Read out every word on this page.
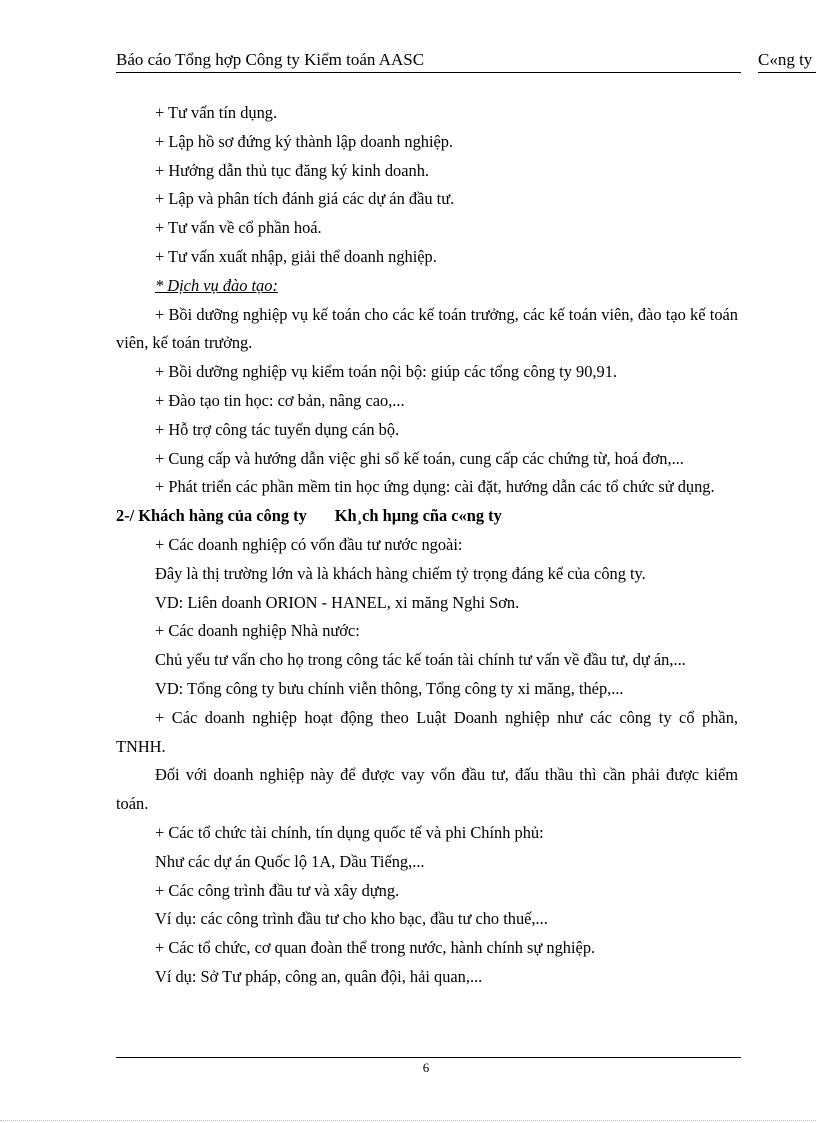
Báo cáo Tổng hợp Công ty Kiểm toán AASC	C«ng ty

+ Tư vấn tín dụng.

+ Lập hồ sơ đứng ký thành lập doanh nghiệp.

+ Hướng dẫn thủ tục đăng ký kinh doanh.

+ Lập và phân tích đánh giá các dự án đầu tư.

+ Tư vấn về cổ phần hoá.

+ Tư vấn xuất nhập, giải thể doanh nghiệp.

* Dịch vụ đào tạo:

+ Bồi dưỡng nghiệp vụ kế toán cho các kế toán trưởng, các kế toán viên, đào tạo kế toán viên, kế toán trưởng.

+ Bồi dưỡng nghiệp vụ kiểm toán nội bộ: giúp các tổng công ty 90,91.

+ Đào tạo tin học: cơ bản, nâng cao,...

+ Hỗ trợ công tác tuyển dụng cán bộ.

+ Cung cấp và hướng dẫn việc ghi sổ kế toán, cung cấp các chứng từ, hoá đơn,...

+ Phát triển các phần mềm tin học ứng dụng: cài đặt, hướng dẫn các tổ chức sử dụng.

2-/ Khách hàng của công ty Kh¸ch hµng cña c«ng ty

+ Các doanh nghiệp có vốn đầu tư nước ngoài:

Đây là thị trường lớn và là khách hàng chiếm tỷ trọng đáng kể của công ty.

VD: Liên doanh ORION - HANEL, xi măng Nghi Sơn.

+ Các doanh nghiệp Nhà nước:

Chủ yếu tư vấn cho họ trong công tác kế toán tài chính tư vấn về đầu tư, dự án,...

VD: Tổng công ty bưu chính viễn thông, Tổng công ty xi măng, thép,...

+ Các doanh nghiệp hoạt động theo Luật Doanh nghiệp như các công ty cổ phần, TNHH.

Đối với doanh nghiệp này để được vay vốn đầu tư, đấu thầu thì cần phải được kiểm toán.

+ Các tổ chức tài chính, tín dụng quốc tế và phi Chính phủ:

Như các dự án Quốc lộ 1A, Dầu Tiếng,...

+ Các công trình đầu tư và xây dựng.

Ví dụ: các công trình đầu tư cho kho bạc, đầu tư cho thuế,...

+ Các tổ chức, cơ quan đoàn thể trong nước, hành chính sự nghiệp.

Ví dụ: Sở Tư pháp, công an, quân đội, hải quan,...

6
